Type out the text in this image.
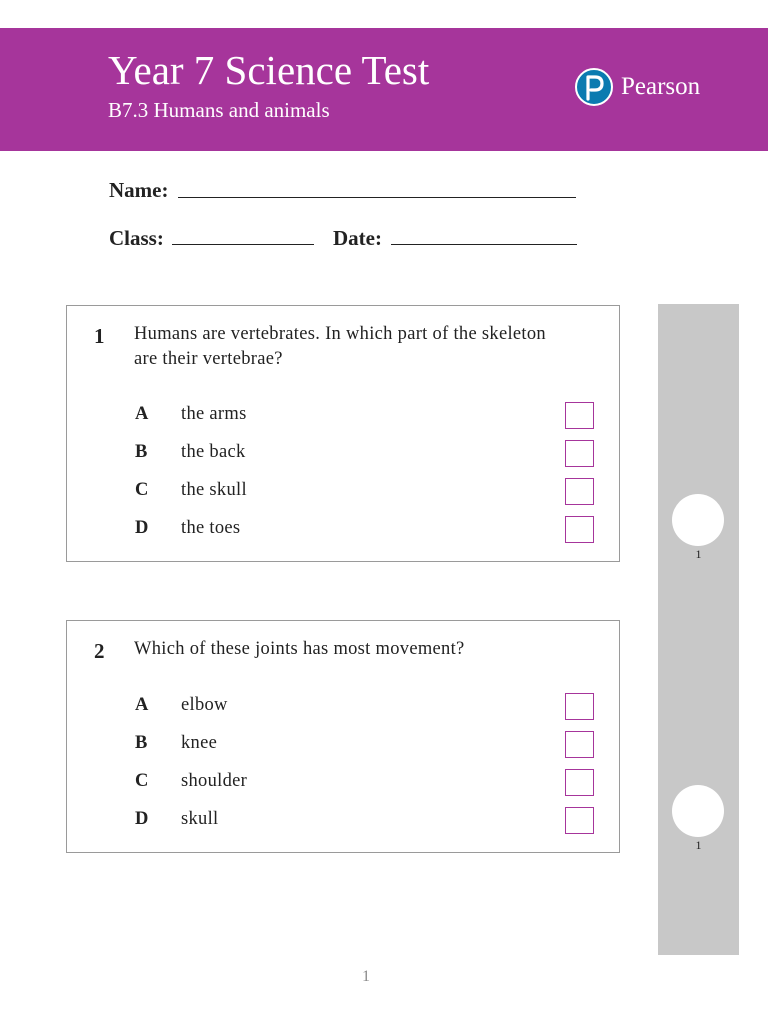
Year 7 Science Test
B7.3 Humans and animals
Pearson
Name:
Class:	Date:
1 Humans are vertebrates. In which part of the skeleton are their vertebrae?
A the arms
B the back
C the skull
D the toes
2 Which of these joints has most movement?
A elbow
B knee
C shoulder
D skull
1
1
1
